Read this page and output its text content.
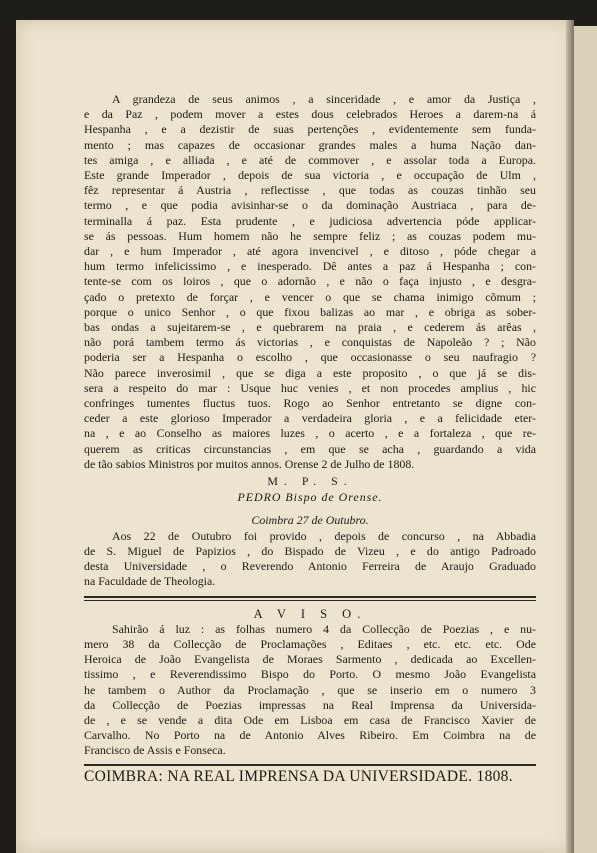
A grandeza de seus animos , a sinceridade , e amor da Justiça ,
e da Paz , podem mover a estes dous celebrados Heroes a darem-na á
Hespanha , e a dezistir de suas pertenções , evidentemente sem funda-
mento ; mas capazes de occasionar grandes males a huma Nação dan-
tes amiga , e alliada , e até de commover , e assolar toda a Europa.
Este grande Imperador , depois de sua victoria , e occupação de Ulm ,
fêz representar á Austria , reflectisse , que todas as couzas tinhão seu
termo , e que podia avisinhar-se o da dominação Austriaca , para de-
terminalla á paz. Esta prudente , e judiciosa advertencia póde applicar-
se ás pessoas. Hum homem não he sempre feliz ; as couzas podem mu-
dar , e hum Imperador , até agora invencivel , e ditoso , póde chegar a
hum termo infelicissimo , e inesperado. Dê antes a paz á Hespanha ; con-
tente-se com os loiros , que o adornão , e não o faça injusto , e desgra-
çado o pretexto de forçar , e vencer o que se chama inimigo cõmum ;
porque o unico Senhor , o que fixou balizas ao mar , e obriga as sober-
bas ondas a sujeitarem-se , e quebrarem na praia , e cederem ás arêas ,
não porá tambem termo ás victorias , e conquistas de Napoleão ? ; Não
poderia ser a Hespanha o escolho , que occasionasse o seu naufragio ?
Não parece inverosimil , que se diga a este proposito , o que já se dis-
sera a respeito do mar : Usque huc venies , et non procedes amplius , hic
confringes tumentes fluctus tuos. Rogo ao Senhor entretanto se digne con-
ceder a este glorioso Imperador a verdadeira gloria , e a felicidade eter-
na , e ao Conselho as maiores luzes , o acerto , e a fortaleza , que re-
querem as criticas circunstancias , em que se acha , guardando a vida
de tão sabios Ministros por muitos annos. Orense 2 de Julho de 1808.

M. P. S.

PEDRO Bispo de Orense.

Coimbra 27 de Outubro.

Aos 22 de Outubro foi provido , depois de concurso , na Abbadia
de S. Miguel de Papizios , do Bispado de Vizeu , e do antigo Padroado
desta Universidade , o Reverendo Antonio Ferreira de Araujo Graduado
na Faculdade de Theologia.

A V I S O.

Sahirão á luz : as folhas numero 4 da Collecção de Poezias , e nu-
mero 38 da Collecção de Proclamações , Editaes , etc. etc. etc. Ode
Heroica de João Evangelista de Moraes Sarmento , dedicada ao Excellen-
tissimo , e Reverendissimo Bispo do Porto. O mesmo João Evangelista
he tambem o Author da Proclamação , que se inserio em o numero 3
da Collecção de Poezias impressas na Real Imprensa da Universida-
de , e se vende a dita Ode em Lisboa em casa de Francisco Xavier de
Carvalho. No Porto na de Antonio Alves Ribeiro. Em Coimbra na de
Francisco de Assis e Fonseca.
COIMBRA: NA REAL IMPRENSA DA UNIVERSIDADE. 1808.
